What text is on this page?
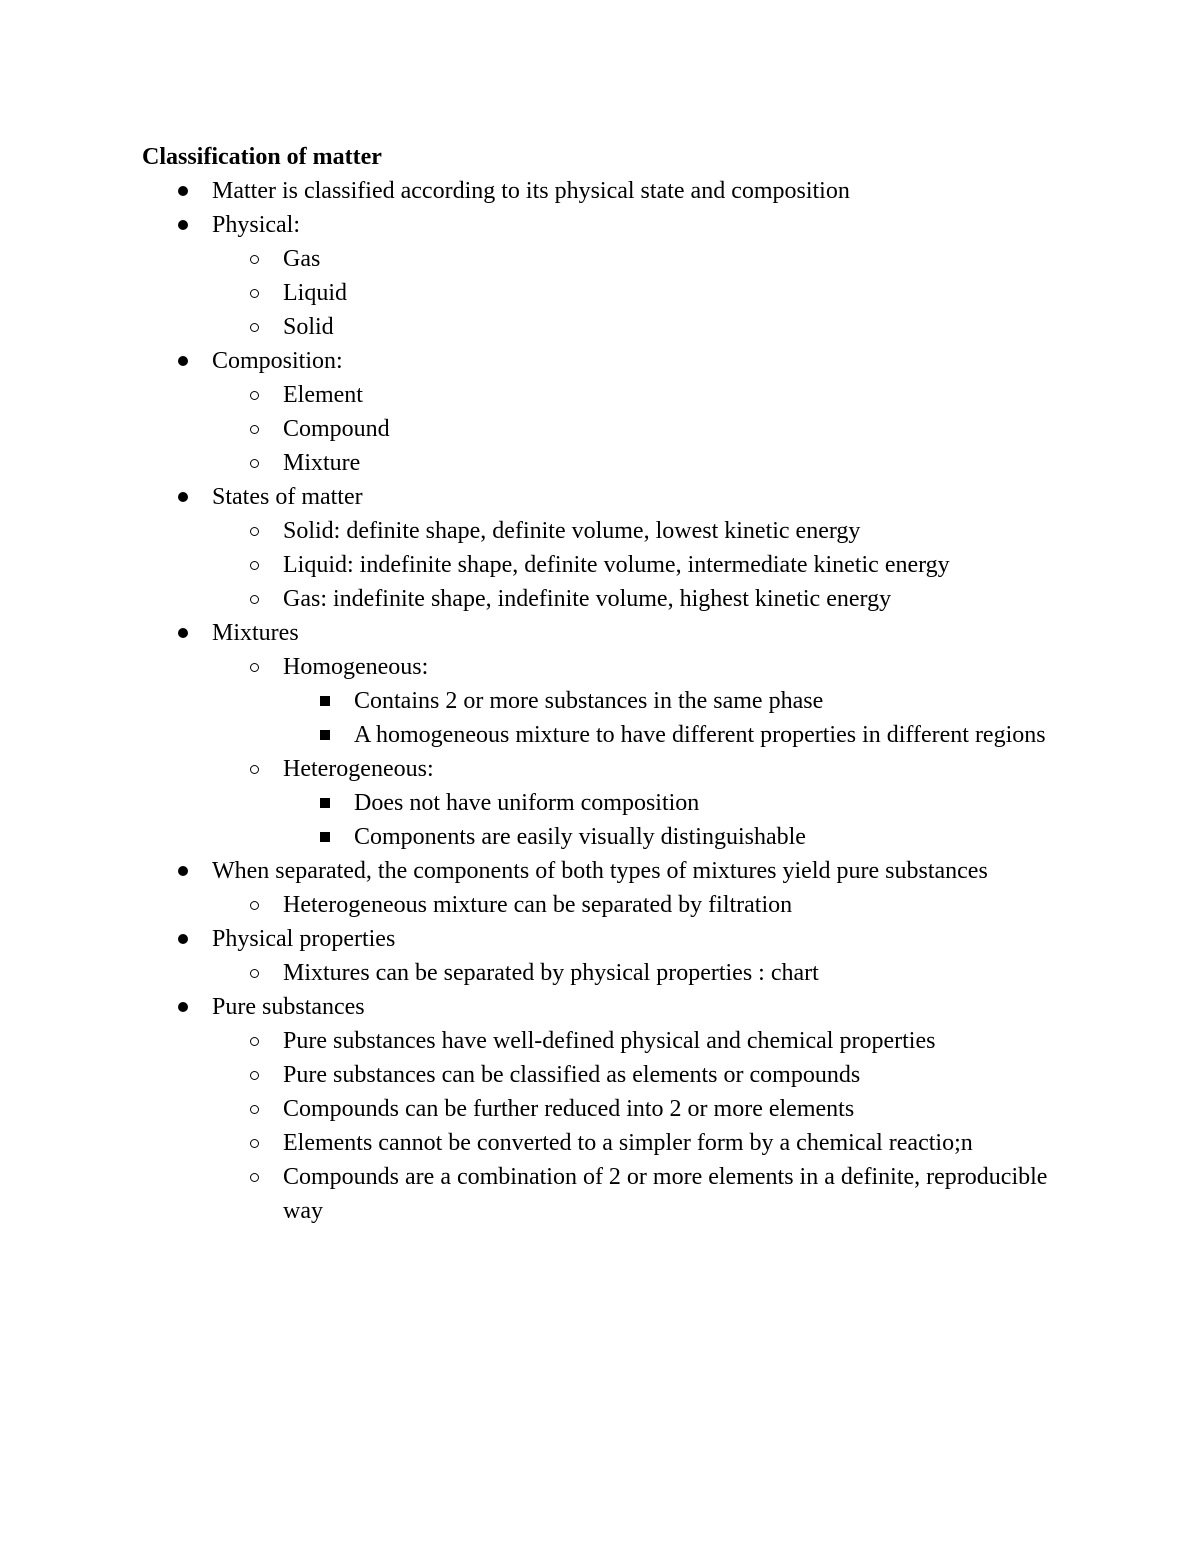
Classification of matter
Matter is classified according to its physical state and composition
Physical:
Gas
Liquid
Solid
Composition:
Element
Compound
Mixture
States of matter
Solid: definite shape, definite volume, lowest kinetic energy
Liquid: indefinite shape, definite volume, intermediate kinetic energy
Gas: indefinite shape, indefinite volume, highest kinetic energy
Mixtures
Homogeneous:
Contains 2 or more substances in the same phase
A homogeneous mixture to have different properties in different regions
Heterogeneous:
Does not have uniform composition
Components are easily visually distinguishable
When separated, the components of both types of mixtures yield pure substances
Heterogeneous mixture can be separated by filtration
Physical properties
Mixtures can be separated by physical properties : chart
Pure substances
Pure substances have well-defined physical and chemical properties
Pure substances can be classified as elements or compounds
Compounds can be further reduced into 2 or more elements
Elements cannot be converted to a simpler form by a chemical reactio;n
Compounds are a combination of 2 or more elements in a definite, reproducible way
